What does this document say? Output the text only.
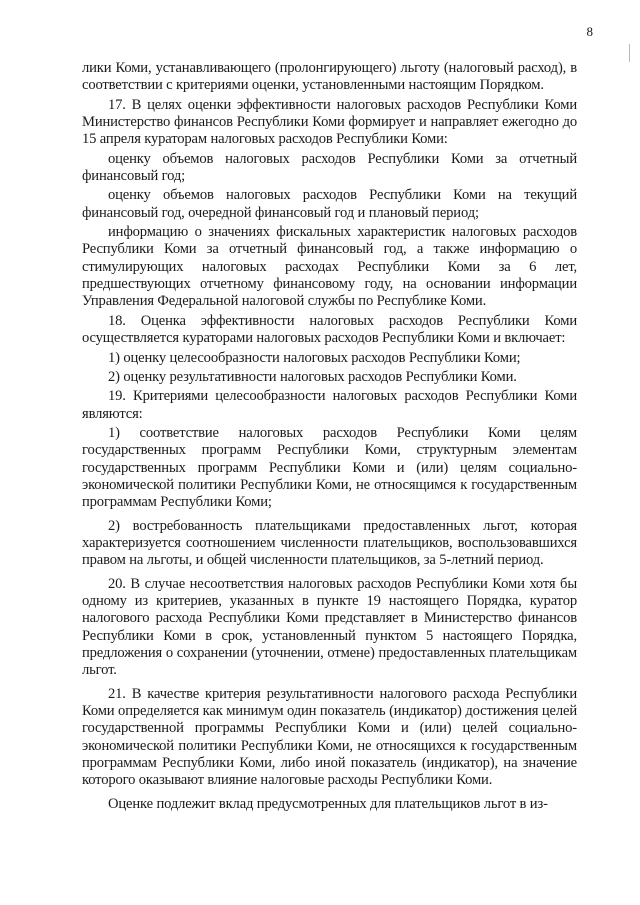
8

лики Коми, устанавливающего (пролонгирующего) льготу (налоговый расход), в соответствии с критериями оценки, установленными настоящим Порядком.

17. В целях оценки эффективности налоговых расходов Республики Коми Министерство финансов Республики Коми формирует и направляет ежегодно до 15 апреля кураторам налоговых расходов Республики Коми:

оценку объемов налоговых расходов Республики Коми за отчетный финансовый год;

оценку объемов налоговых расходов Республики Коми на текущий финансовый год, очередной финансовый год и плановый период;

информацию о значениях фискальных характеристик налоговых расходов Республики Коми за отчетный финансовый год, а также информацию о стимулирующих налоговых расходах Республики Коми за 6 лет, предшествующих отчетному финансовому году, на основании информации Управления Федеральной налоговой службы по Республике Коми.

18. Оценка эффективности налоговых расходов Республики Коми осуществляется кураторами налоговых расходов Республики Коми и включает:

1) оценку целесообразности налоговых расходов Республики Коми;

2) оценку результативности налоговых расходов Республики Коми.

19. Критериями целесообразности налоговых расходов Республики Коми являются:

1) соответствие налоговых расходов Республики Коми целям государственных программ Республики Коми, структурным элементам государственных программ Республики Коми и (или) целям социально-экономической политики Республики Коми, не относящимся к государственным программам Республики Коми;

2) востребованность плательщиками предоставленных льгот, которая характеризуется соотношением численности плательщиков, воспользовавшихся правом на льготы, и общей численности плательщиков, за 5-летний период.

20. В случае несоответствия налоговых расходов Республики Коми хотя бы одному из критериев, указанных в пункте 19 настоящего Порядка, куратор налогового расхода Республики Коми представляет в Министерство финансов Республики Коми в срок, установленный пунктом 5 настоящего Порядка, предложения о сохранении (уточнении, отмене) предоставленных плательщикам льгот.

21. В качестве критерия результативности налогового расхода Республики Коми определяется как минимум один показатель (индикатор) достижения целей государственной программы Республики Коми и (или) целей социально-экономической политики Республики Коми, не относящихся к государственным программам Республики Коми, либо иной показатель (индикатор), на значение которого оказывают влияние налоговые расходы Республики Коми.

Оценке подлежит вклад предусмотренных для плательщиков льгот в из-
